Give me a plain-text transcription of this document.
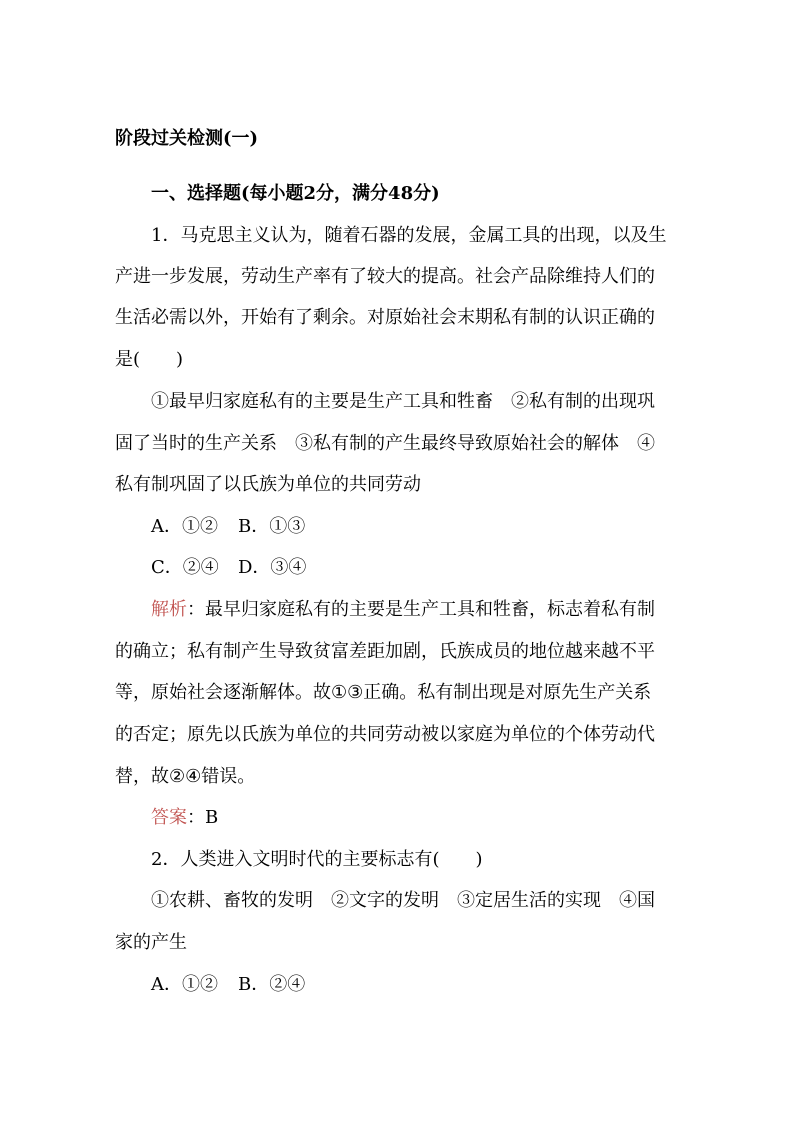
阶段过关检测(一)
一、选择题(每小题2分，满分48分)
1．马克思主义认为，随着石器的发展，金属工具的出现，以及生
产进一步发展，劳动生产率有了较大的提高。社会产品除维持人们的
生活必需以外，开始有了剩余。对原始社会末期私有制的认识正确的
是(　　)
①最早归家庭私有的主要是生产工具和牲畜　②私有制的出现巩
固了当时的生产关系　③私有制的产生最终导致原始社会的解体　④
私有制巩固了以氏族为单位的共同劳动
A．①② B．①③
C．②④ D．③④
解析：最早归家庭私有的主要是生产工具和牲畜，标志着私有制
的确立；私有制产生导致贫富差距加剧，氏族成员的地位越来越不平
等，原始社会逐渐解体。故①③正确。私有制出现是对原先生产关系
的否定；原先以氏族为单位的共同劳动被以家庭为单位的个体劳动代
替，故②④错误。
答案：B
2．人类进入文明时代的主要标志有(　　)
①农耕、畜牧的发明　②文字的发明　③定居生活的实现　④国
家的产生
A．①② B．②④
